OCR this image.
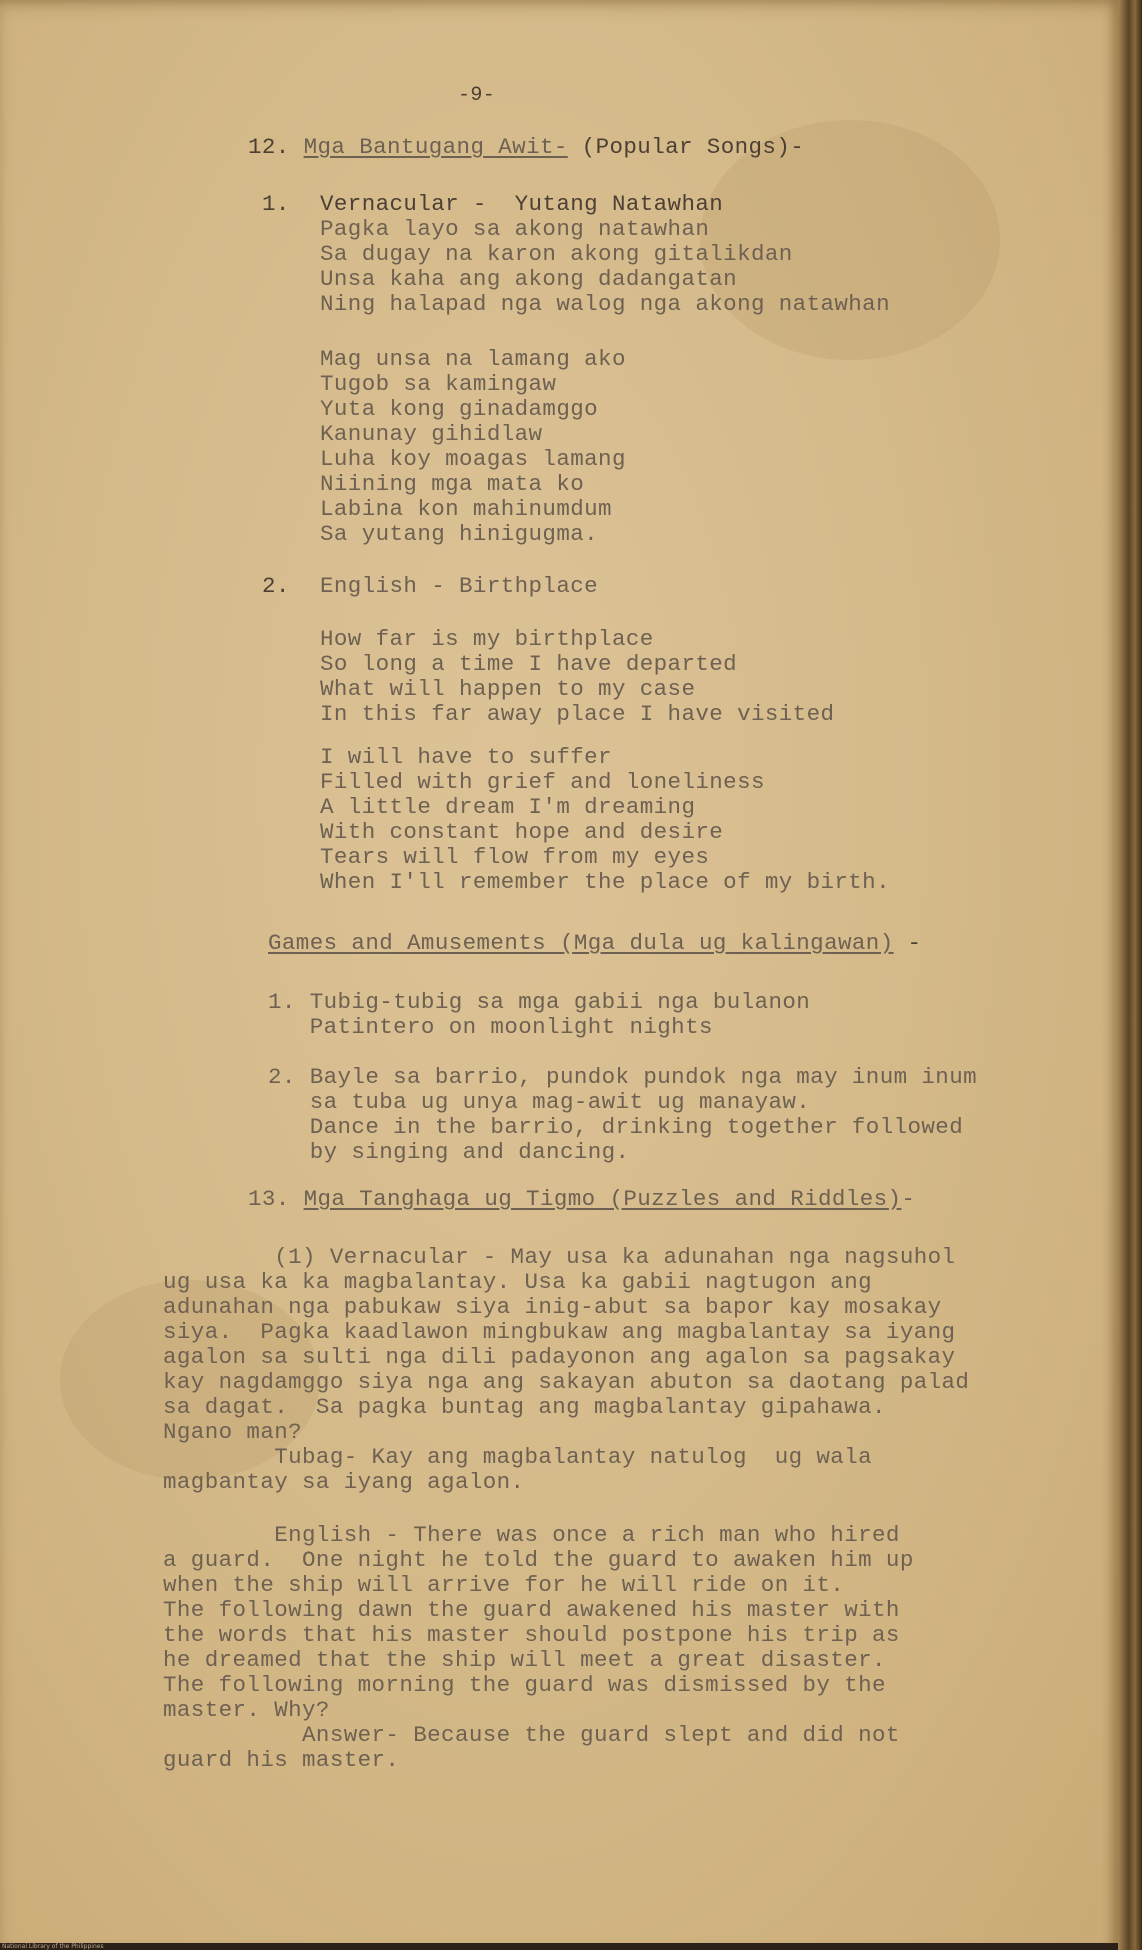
-9-

12. Mga Bantugang Awit- (Popular Songs)-

1. Vernacular -  Yutang Natawhan

Pagka layo sa akong natawhan
Sa dugay na karon akong gitalikdan
Unsa kaha ang akong dadangatan
Ning halapad nga walog nga akong natawhan

Mag unsa na lamang ako
Tugob sa kamingaw
Yuta kong ginadamggo
Kanunay gihidlaw
Luha koy moagas lamang
Niining mga mata ko
Labina kon mahinumdum
Sa yutang hinigugma.

2. English - Birthplace

How far is my birthplace
So long a time I have departed
What will happen to my case
In this far away place I have visited

I will have to suffer
Filled with grief and loneliness
A little dream I'm dreaming
With constant hope and desire
Tears will flow from my eyes
When I'll remember the place of my birth.

Games and Amusements (Mga dula ug kalingawan) -

1. Tubig-tubig sa mga gabii nga bulanon
Patintero on moonlight nights

2. Bayle sa barrio, pundok pundok nga may inum inum
sa tuba ug unya mag-awit ug manayaw.
Dance in the barrio, drinking together followed
by singing and dancing.

13. Mga Tanghaga ug Tigmo (Puzzles and Riddles)-

(1) Vernacular - May usa ka adunahan nga nagsuhol
ug usa ka ka magbalantay. Usa ka gabii nagtugon ang
adunahan nga pabukaw siya inig-abut sa bapor kay mosakay
siya.  Pagka kaadlawon mingbukaw ang magbalantay sa iyang
agalon sa sulti nga dili padayonon ang agalon sa pagsakay
kay nagdamggo siya nga ang sakayan abuton sa daotang palad
sa dagat.  Sa pagka buntag ang magbalantay gipahawa.
Ngano man?

Tubag- Kay ang magbalantay natulog  ug wala
magbantay sa iyang agalon.

English - There was once a rich man who hired
a guard.  One night he told the guard to awaken him up
when the ship will arrive for he will ride on it.
The following dawn the guard awakened his master with
the words that his master should postpone his trip as
he dreamed that the ship will meet a great disaster.
The following morning the guard was dismissed by the
master. Why?

Answer- Because the guard slept and did not
guard his master.

National Library of the Philippines
